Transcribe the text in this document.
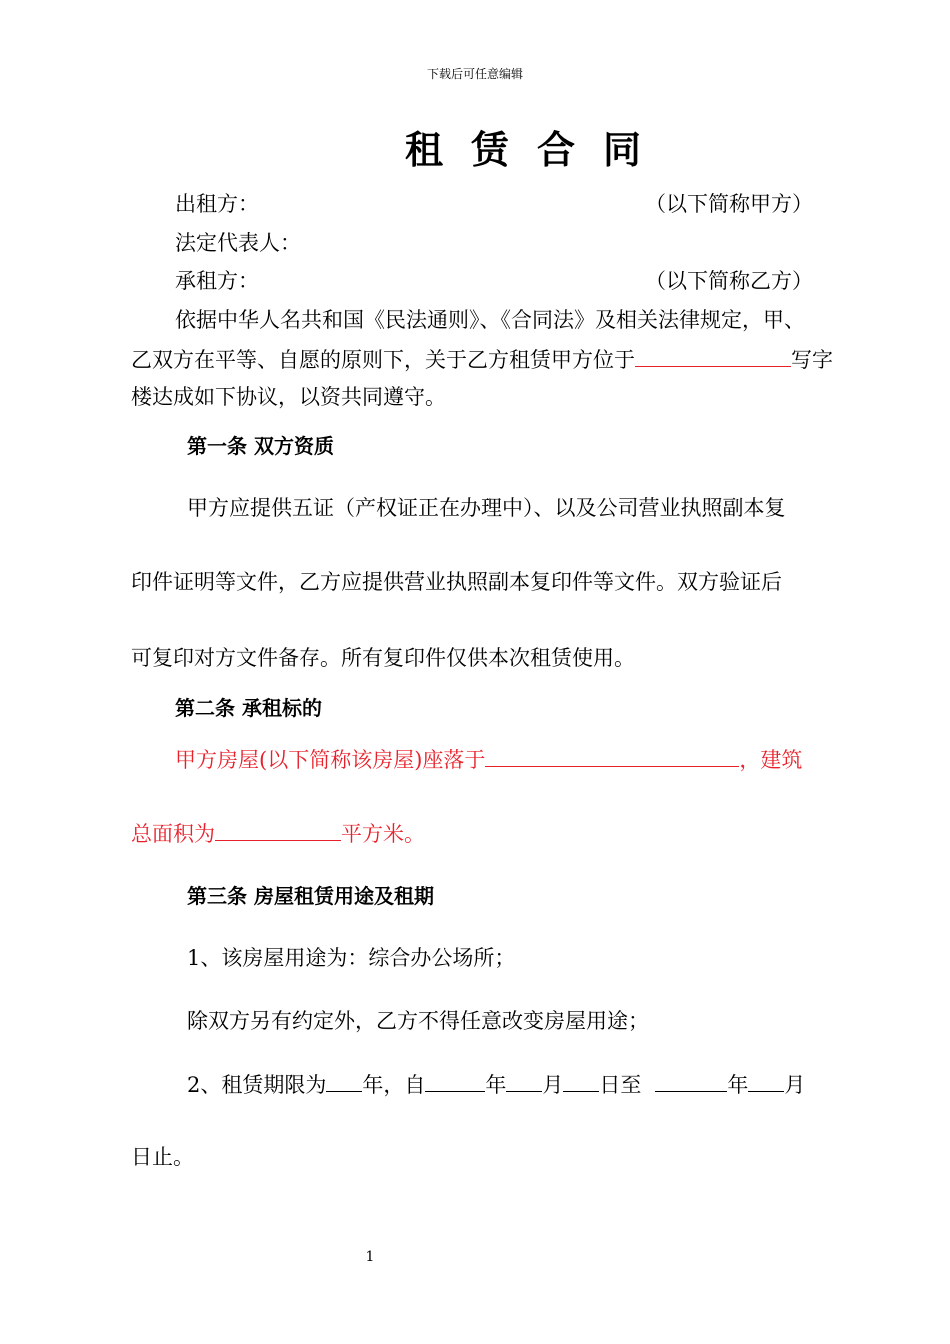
下载后可任意编辑
租赁合同
出租方：	（以下简称甲方）
法定代表人：
承租方：	（以下简称乙方）
依据中华人名共和国《民法通则》、《合同法》及相关法律规定，甲、
乙双方在平等、自愿的原则下，关于乙方租赁甲方位于	写字
楼达成如下协议，以资共同遵守。
第一条 双方资质
甲方应提供五证（产权证正在办理中）、以及公司营业执照副本复
印件证明等文件，乙方应提供营业执照副本复印件等文件。双方验证后
可复印对方文件备存。所有复印件仅供本次租赁使用。
第二条 承租标的
甲方房屋(以下简称该房屋)座落于	，建筑
总面积为	平方米。
第三条 房屋租赁用途及租期
1、该房屋用途为：综合办公场所；
除双方另有约定外，乙方不得任意改变房屋用途；
2、租赁期限为 年，自	年 月 日至	年 月
日止。
1
